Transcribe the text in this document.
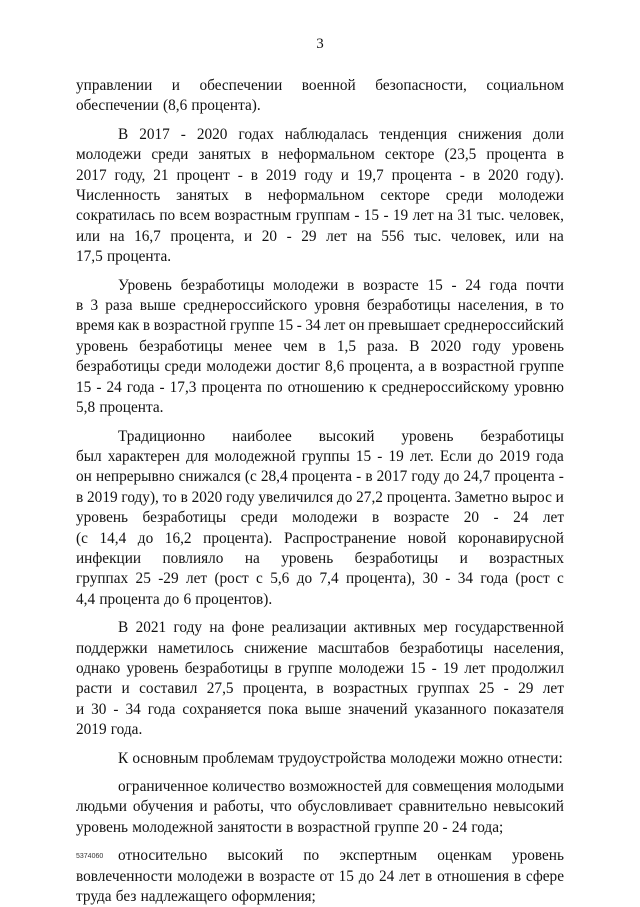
3
управлении и обеспечении военной безопасности, социальном
обеспечении (8,6 процента).
В 2017 - 2020 годах наблюдалась тенденция снижения доли
молодежи среди занятых в неформальном секторе (23,5 процента в
2017 году, 21 процент - в 2019 году и 19,7 процента - в 2020 году).
Численность занятых в неформальном секторе среди молодежи
сократилась по всем возрастным группам - 15 - 19 лет на 31 тыс. человек,
или на 16,7 процента, и 20 - 29 лет на 556 тыс. человек, или на
17,5 процента.
Уровень безработицы молодежи в возрасте 15 - 24 года почти
в 3 раза выше среднероссийского уровня безработицы населения, в то
время как в возрастной группе 15 - 34 лет он превышает среднероссийский
уровень безработицы менее чем в 1,5 раза. В 2020 году уровень
безработицы среди молодежи достиг 8,6 процента, а в возрастной группе
15 - 24 года - 17,3 процента по отношению к среднероссийскому уровню
5,8 процента.
Традиционно наиболее высокий уровень безработицы
был характерен для молодежной группы 15 - 19 лет. Если до 2019 года
он непрерывно снижался (с 28,4 процента - в 2017 году до 24,7 процента -
в 2019 году), то в 2020 году увеличился до 27,2 процента. Заметно вырос и
уровень безработицы среди молодежи в возрасте 20 - 24 лет
(с 14,4 до 16,2 процента). Распространение новой коронавирусной
инфекции повлияло на уровень безработицы и возрастных
группах 25 -29 лет (рост с 5,6 до 7,4 процента), 30 - 34 года (рост с
4,4 процента до 6 процентов).
В 2021 году на фоне реализации активных мер государственной
поддержки наметилось снижение масштабов безработицы населения,
однако уровень безработицы в группе молодежи 15 - 19 лет продолжил
расти и составил 27,5 процента, в возрастных группах 25 - 29 лет
и 30 - 34 года сохраняется пока выше значений указанного показателя
2019 года.
К основным проблемам трудоустройства молодежи можно отнести:
ограниченное количество возможностей для совмещения молодыми
людьми обучения и работы, что обусловливает сравнительно невысокий
уровень молодежной занятости в возрастной группе 20 - 24 года;
относительно высокий по экспертным оценкам уровень
вовлеченности молодежи в возрасте от 15 до 24 лет в отношения в сфере
труда без надлежащего оформления;
5374060
